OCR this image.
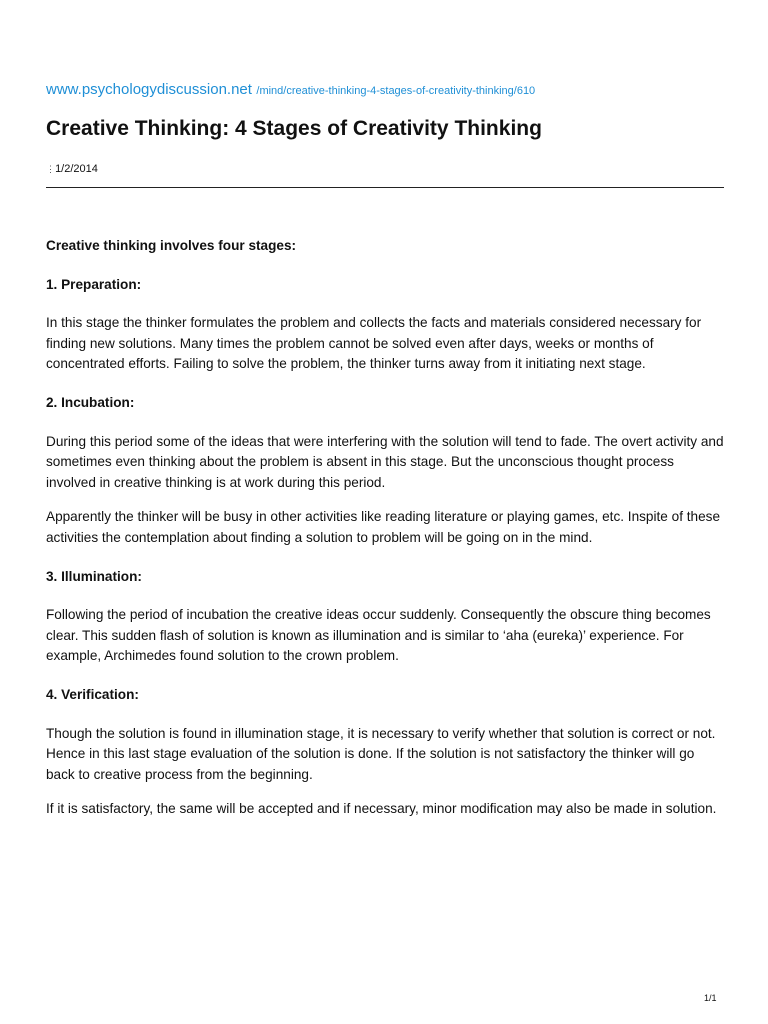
www.psychologydiscussion.net /mind/creative-thinking-4-stages-of-creativity-thinking/610
Creative Thinking: 4 Stages of Creativity Thinking
⋮ 1/2/2014

Creative thinking involves four stages:

1. Preparation:

In this stage the thinker formulates the problem and collects the facts and materials considered necessary for finding new solutions. Many times the problem cannot be solved even after days, weeks or months of concentrated efforts. Failing to solve the problem, the thinker turns away from it initiating next stage.

2. Incubation:

During this period some of the ideas that were interfering with the solution will tend to fade. The overt activity and sometimes even thinking about the problem is absent in this stage. But the unconscious thought process involved in creative thinking is at work during this period.

Apparently the thinker will be busy in other activities like reading literature or playing games, etc. Inspite of these activities the contemplation about finding a solution to problem will be going on in the mind.

3. Illumination:

Following the period of incubation the creative ideas occur suddenly. Consequently the obscure thing becomes clear. This sudden flash of solution is known as illumination and is similar to ‘aha (eureka)’ experience. For example, Archimedes found solution to the crown problem.

4. Verification:

Though the solution is found in illumination stage, it is necessary to verify whether that solution is correct or not. Hence in this last stage evaluation of the solution is done. If the solution is not satisfactory the thinker will go back to creative process from the beginning.

If it is satisfactory, the same will be accepted and if necessary, minor modification may also be made in solution.

1/1
